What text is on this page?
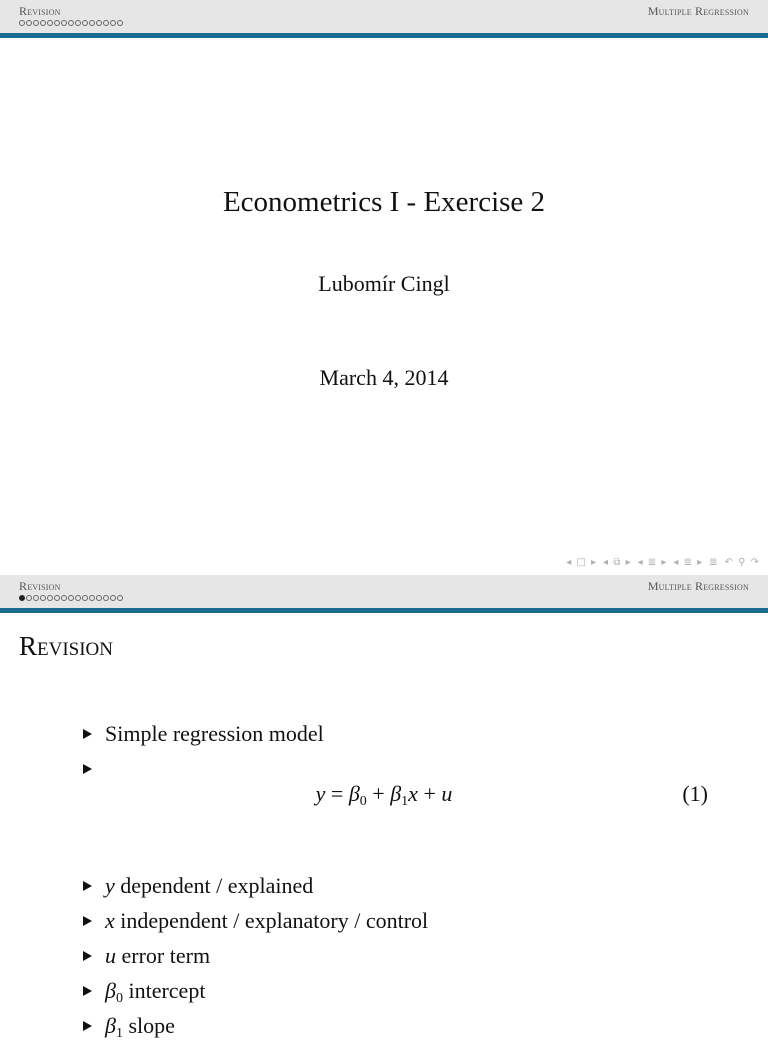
Revision	Multiple Regression
Econometrics I - Exercise 2
Lubomír Cingl
March 4, 2014
◂ □ ▸ ◂ ⧉ ▸ ◂ ≣ ▸ ◂ ≣ ▸ ≣ ↶ ⚲ ↷
Revision	Multiple Regression
Revision
Simple regression model
$y = \beta_0 + \beta_1x + u$	(1)
y dependent / explained
x independent / explanatory / control
u error term
$\beta_0$ intercept
$\beta_1$ slope
